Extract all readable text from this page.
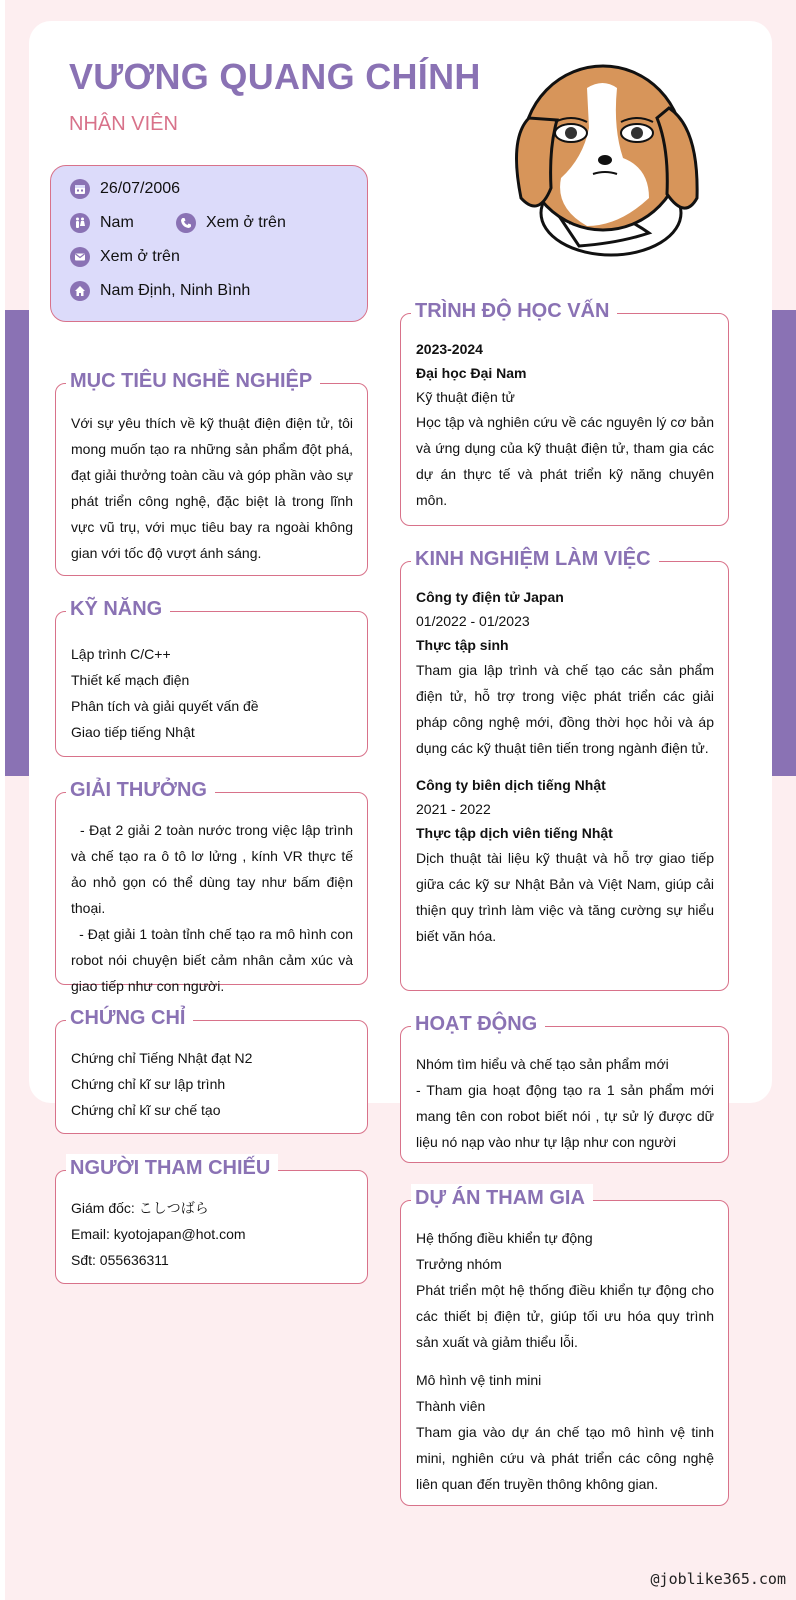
VƯƠNG QUANG CHÍNH
NHÂN VIÊN
26/07/2006
Nam	Xem ở trên
Xem ở trên
Nam Định, Ninh Bình
MỤC TIÊU NGHỀ NGHIỆP
Với sự yêu thích về kỹ thuật điện điện tử, tôi mong muốn tạo ra những sản phẩm đột phá, đạt giải thưởng toàn cầu và góp phần vào sự phát triển công nghệ, đặc biệt là trong lĩnh vực vũ trụ, với mục tiêu bay ra ngoài không gian với tốc độ vượt ánh sáng.
KỸ NĂNG
Lập trình C/C++
Thiết kế mạch điện
Phân tích và giải quyết vấn đề
Giao tiếp tiếng Nhật
GIẢI THƯỞNG
- Đạt 2 giải 2 toàn nước trong việc lập trình và chế tạo ra ô tô lơ lửng , kính VR thực tế ảo nhỏ gọn có thể dùng tay như bấm điện thoại.
- Đạt giải 1 toàn tỉnh chế tạo ra mô hình con robot nói chuyện biết cảm nhân cảm xúc và giao tiếp như con người.
CHỨNG CHỈ
Chứng chỉ Tiếng Nhật đạt N2
Chứng chỉ kĩ sư lập trình
Chứng chỉ kĩ sư chế tạo
NGƯỜI THAM CHIẾU
Giám đốc: こしつばら
Email: kyotojapan@hot.com
Sđt: 055636311
TRÌNH ĐỘ HỌC VẤN
2023-2024
Đại học Đại Nam
Kỹ thuật điện tử
Học tập và nghiên cứu về các nguyên lý cơ bản và ứng dụng của kỹ thuật điện tử, tham gia các dự án thực tế và phát triển kỹ năng chuyên môn.
KINH NGHIỆM LÀM VIỆC
Công ty điện tử Japan
01/2022 - 01/2023
Thực tập sinh
Tham gia lập trình và chế tạo các sản phẩm điện tử, hỗ trợ trong việc phát triển các giải pháp công nghệ mới, đồng thời học hỏi và áp dụng các kỹ thuật tiên tiến trong ngành điện tử.
Công ty biên dịch tiếng Nhật
2021 - 2022
Thực tập dịch viên tiếng Nhật
Dịch thuật tài liệu kỹ thuật và hỗ trợ giao tiếp giữa các kỹ sư Nhật Bản và Việt Nam, giúp cải thiện quy trình làm việc và tăng cường sự hiểu biết văn hóa.
HOẠT ĐỘNG
Nhóm tìm hiểu và chế tạo sản phẩm mới
- Tham gia hoạt động tạo ra 1 sản phẩm mới mang tên con robot biết nói , tự sử lý được dữ liệu nó nạp vào như tự lập như con người
DỰ ÁN THAM GIA
Hệ thống điều khiển tự động
Trưởng nhóm
Phát triển một hệ thống điều khiển tự động cho các thiết bị điện tử, giúp tối ưu hóa quy trình sản xuất và giảm thiểu lỗi.
Mô hình vệ tinh mini
Thành viên
Tham gia vào dự án chế tạo mô hình vệ tinh mini, nghiên cứu và phát triển các công nghệ liên quan đến truyền thông không gian.
@joblike365.com
